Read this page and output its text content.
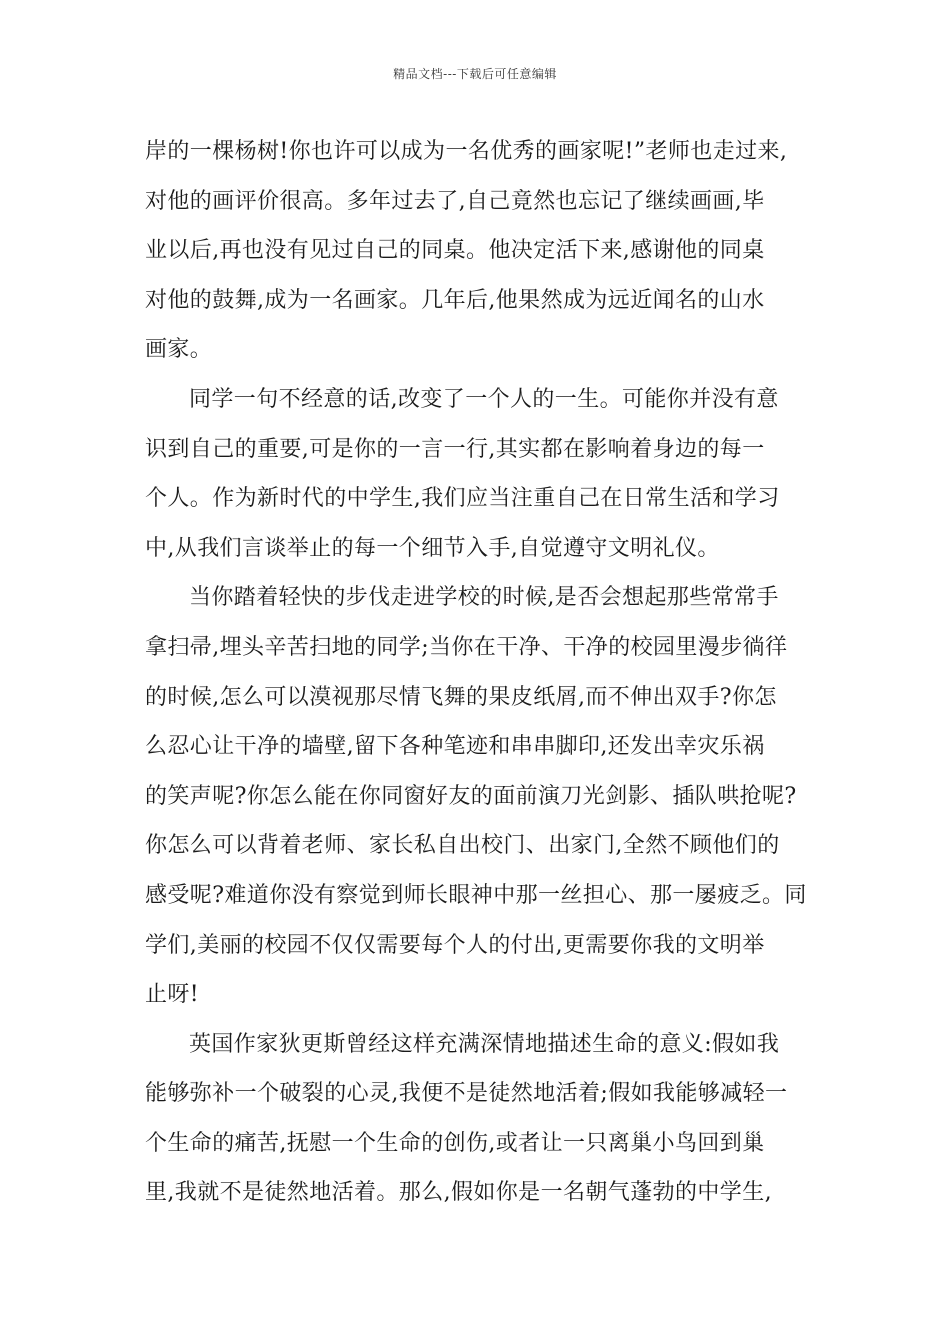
精品文档---下载后可任意编辑
岸的一棵杨树!你也许可以成为一名优秀的画家呢!”老师也走过来,
对他的画评价很高。多年过去了,自己竟然也忘记了继续画画,毕
业以后,再也没有见过自己的同桌。他决定活下来,感谢他的同桌
对他的鼓舞,成为一名画家。几年后,他果然成为远近闻名的山水
画家。
同学一句不经意的话,改变了一个人的一生。可能你并没有意
识到自己的重要,可是你的一言一行,其实都在影响着身边的每一
个人。作为新时代的中学生,我们应当注重自己在日常生活和学习
中,从我们言谈举止的每一个细节入手,自觉遵守文明礼仪。
当你踏着轻快的步伐走进学校的时候,是否会想起那些常常手
拿扫帚,埋头辛苦扫地的同学;当你在干净、干净的校园里漫步徜徉
的时候,怎么可以漠视那尽情飞舞的果皮纸屑,而不伸出双手?你怎
么忍心让干净的墙壁,留下各种笔迹和串串脚印,还发出幸灾乐祸
的笑声呢?你怎么能在你同窗好友的面前演刀光剑影、插队哄抢呢?
你怎么可以背着老师、家长私自出校门、出家门,全然不顾他们的
感受呢?难道你没有察觉到师长眼神中那一丝担心、那一屡疲乏。同
学们,美丽的校园不仅仅需要每个人的付出,更需要你我的文明举
止呀!
英国作家狄更斯曾经这样充满深情地描述生命的意义:假如我
能够弥补一个破裂的心灵,我便不是徒然地活着;假如我能够减轻一
个生命的痛苦,抚慰一个生命的创伤,或者让一只离巢小鸟回到巢
里,我就不是徒然地活着。那么,假如你是一名朝气蓬勃的中学生,
